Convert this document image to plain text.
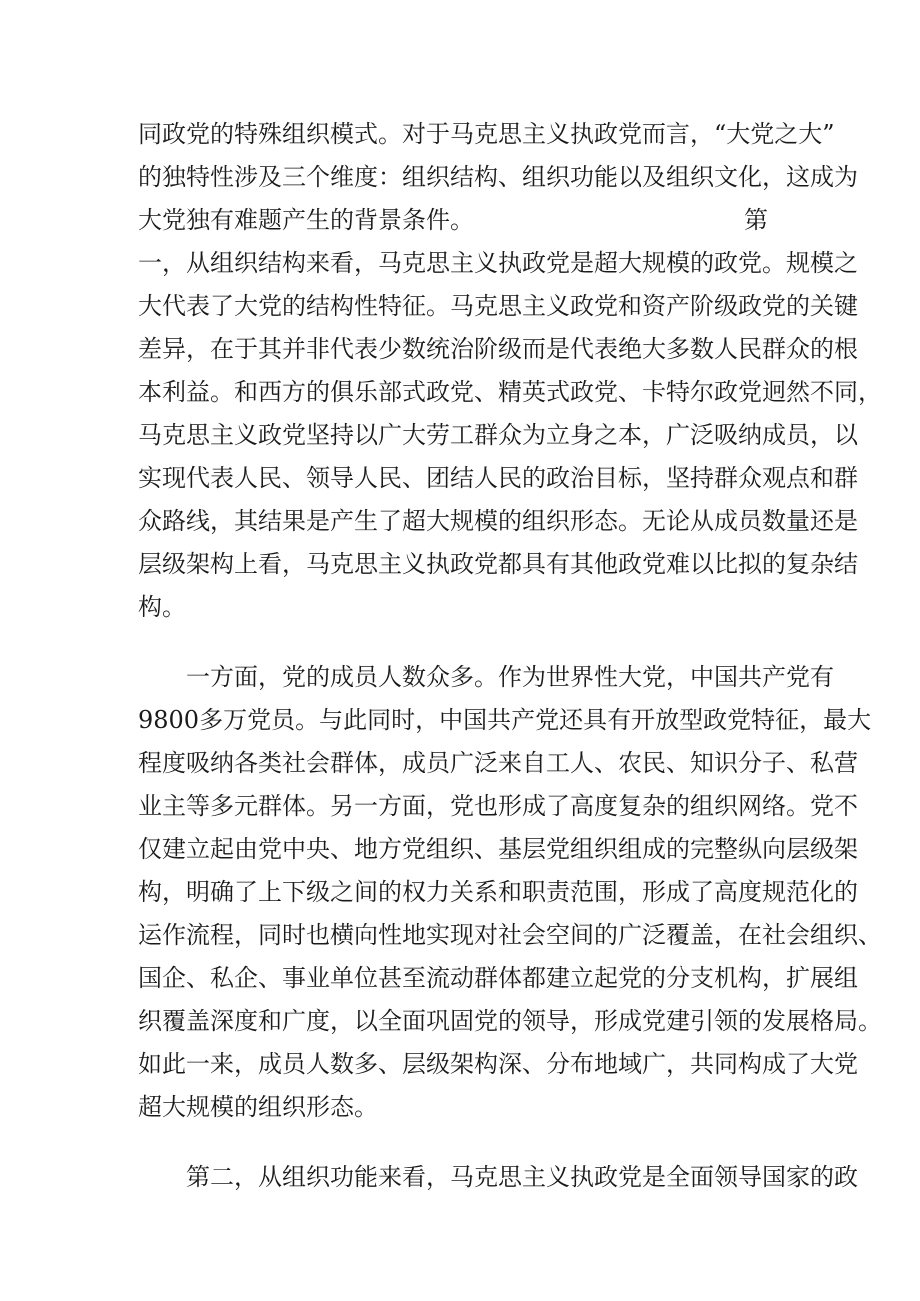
同政党的特殊组织模式。对于马克思主义执政党而言，“大党之大”
的独特性涉及三个维度：组织结构、组织功能以及组织文化，这成为
大党独有难题产生的背景条件。	第
一，从组织结构来看，马克思主义执政党是超大规模的政党。规模之
大代表了大党的结构性特征。马克思主义政党和资产阶级政党的关键
差异，在于其并非代表少数统治阶级而是代表绝大多数人民群众的根
本利益。和西方的俱乐部式政党、精英式政党、卡特尔政党迥然不同，
马克思主义政党坚持以广大劳工群众为立身之本，广泛吸纳成员，以
实现代表人民、领导人民、团结人民的政治目标，坚持群众观点和群
众路线，其结果是产生了超大规模的组织形态。无论从成员数量还是
层级架构上看，马克思主义执政党都具有其他政党难以比拟的复杂结
构。
一方面，党的成员人数众多。作为世界性大党，中国共产党有
9800多万党员。与此同时，中国共产党还具有开放型政党特征，最大
程度吸纳各类社会群体，成员广泛来自工人、农民、知识分子、私营
业主等多元群体。另一方面，党也形成了高度复杂的组织网络。党不
仅建立起由党中央、地方党组织、基层党组织组成的完整纵向层级架
构，明确了上下级之间的权力关系和职责范围，形成了高度规范化的
运作流程，同时也横向性地实现对社会空间的广泛覆盖，在社会组织、
国企、私企、事业单位甚至流动群体都建立起党的分支机构，扩展组
织覆盖深度和广度，以全面巩固党的领导，形成党建引领的发展格局。
如此一来，成员人数多、层级架构深、分布地域广，共同构成了大党
超大规模的组织形态。
第二，从组织功能来看，马克思主义执政党是全面领导国家的政
